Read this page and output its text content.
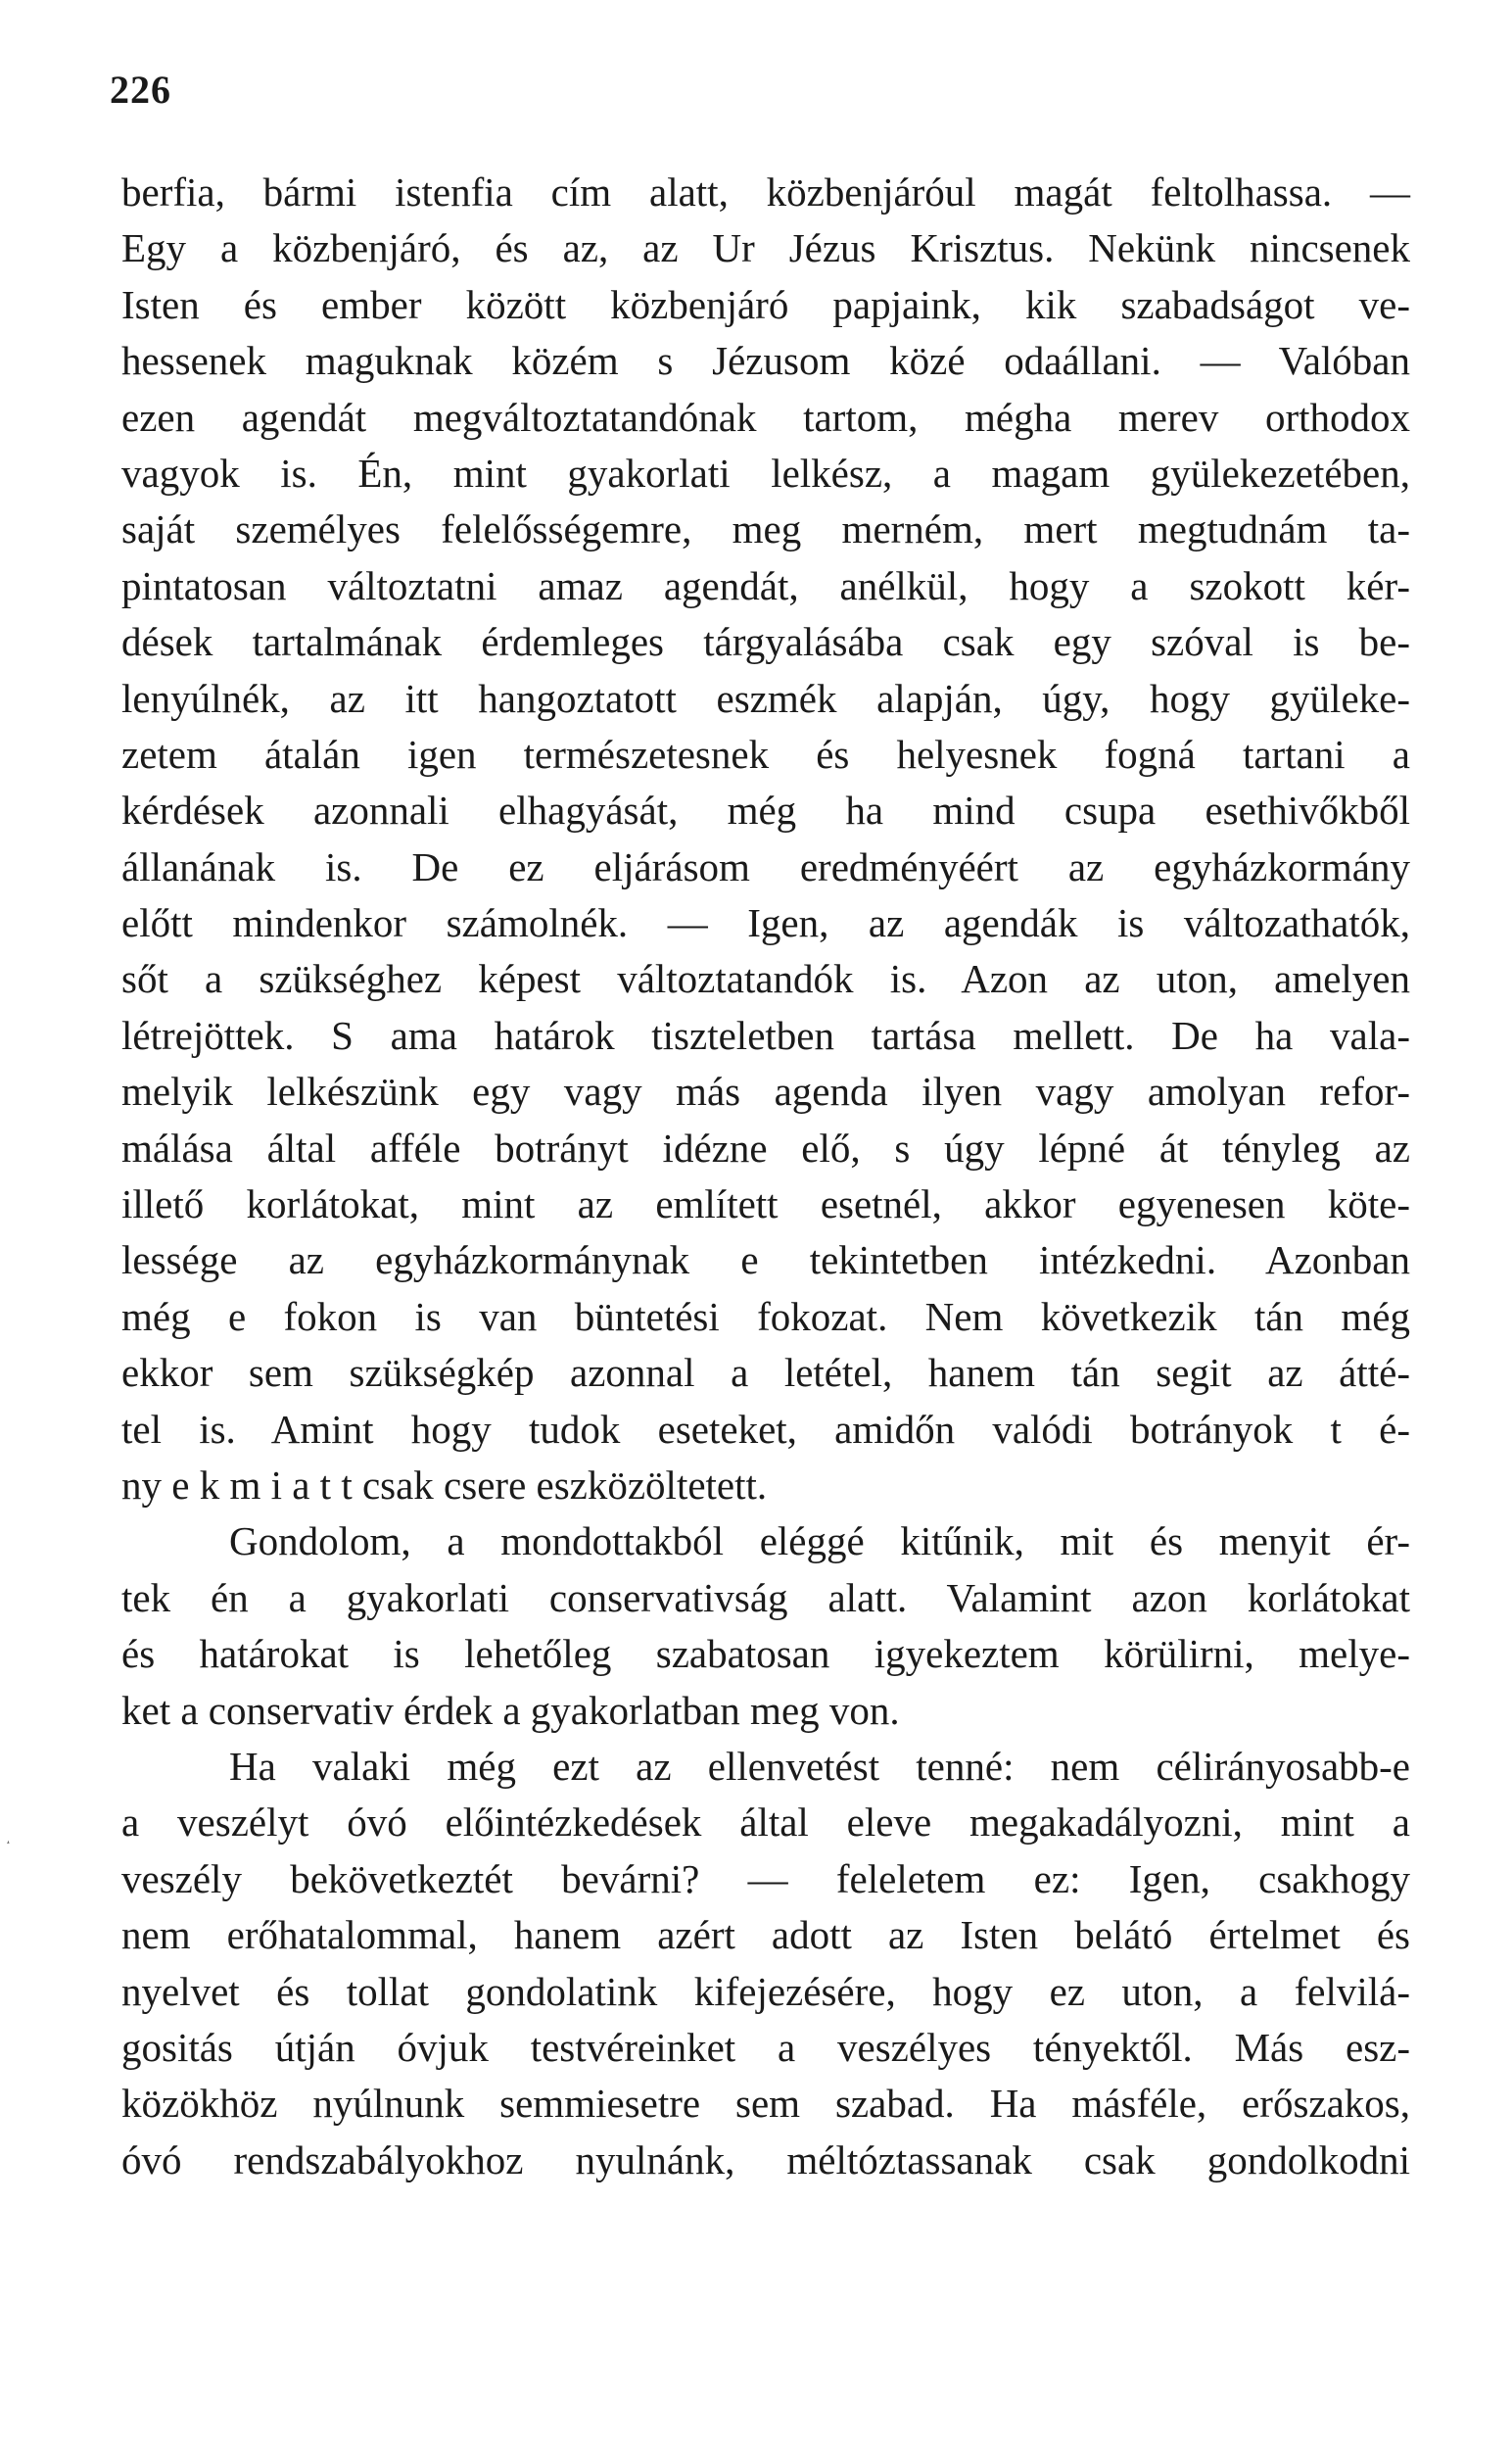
226
berfia, bármi istenfia cím alatt, közbenjáróul magát feltolhassa. —
Egy a közbenjáró, és az, az Ur Jézus Krisztus. Nekünk nincsenek
Isten és ember között közbenjáró papjaink, kik szabadságot ve-
hessenek maguknak közém s Jézusom közé odaállani. — Valóban
ezen agendát megváltoztatandónak tartom, mégha merev orthodox
vagyok is. Én, mint gyakorlati lelkész, a magam gyülekezetében,
saját személyes felelősségemre, meg merném, mert megtudnám ta-
pintatosan változtatni amaz agendát, anélkül, hogy a szokott kér-
dések tartalmának érdemleges tárgyalásába csak egy szóval is be-
lenyúlnék, az itt hangoztatott eszmék alapján, úgy, hogy gyüleke-
zetem átalán igen természetesnek és helyesnek fogná tartani a
kérdések azonnali elhagyását, még ha mind csupa esethivőkből
állanának is. De ez eljárásom eredményéért az egyházkormány
előtt mindenkor számolnék. — Igen, az agendák is változathatók,
sőt a szükséghez képest változtatandók is. Azon az uton, amelyen
létrejöttek. S ama határok tiszteletben tartása mellett. De ha vala-
melyik lelkészünk egy vagy más agenda ilyen vagy amolyan refor-
málása által afféle botrányt idézne elő, s úgy lépné át tényleg az
illető korlátokat, mint az említett esetnél, akkor egyenesen köte-
lessége az egyházkormánynak e tekintetben intézkedni. Azonban
még e fokon is van büntetési fokozat. Nem következik tán még
ekkor sem szükségkép azonnal a letétel, hanem tán segit az átté-
tel is. Amint hogy tudok eseteket, amidőn valódi botrányok t é-
ny e k m i a t t csak csere eszközöltetett.
Gondolom, a mondottakból eléggé kitűnik, mit és menyit ér-
tek én a gyakorlati conservativság alatt. Valamint azon korlátokat
és határokat is lehetőleg szabatosan igyekeztem körülirni, melye-
ket a conservativ érdek a gyakorlatban meg von.
Ha valaki még ezt az ellenvetést tenné: nem célirányosabb-e
a veszélyt óvó előintézkedések által eleve megakadályozni, mint a
veszély bekövetkeztét bevárni? — feleletem ez: Igen, csakhogy
nem erőhatalommal, hanem azért adott az Isten belátó értelmet és
nyelvet és tollat gondolatink kifejezésére, hogy ez uton, a felvilá-
gositás útján óvjuk testvéreinket a veszélyes tényektől. Más esz-
közökhöz nyúlnunk semmiesetre sem szabad. Ha másféle, erőszakos,
óvó rendszabályokhoz nyulnánk, méltóztassanak csak gondolkodni
˔
